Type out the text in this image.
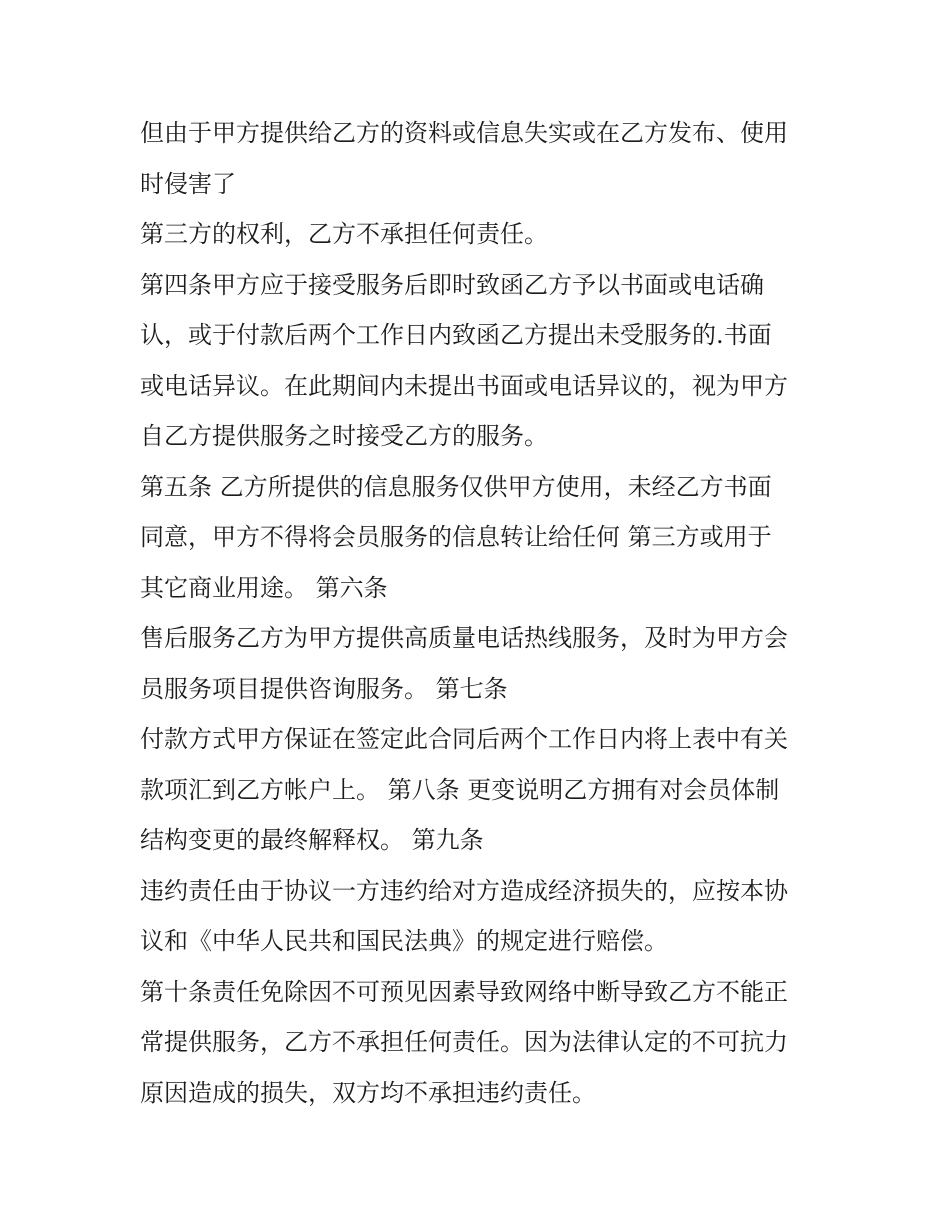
但由于甲方提供给乙方的资料或信息失实或在乙方发布、使用
时侵害了
第三方的权利，乙方不承担任何责任。
第四条甲方应于接受服务后即时致函乙方予以书面或电话确
认，或于付款后两个工作日内致函乙方提出未受服务的.书面
或电话异议。在此期间内未提出书面或电话异议的，视为甲方
自乙方提供服务之时接受乙方的服务。
第五条 乙方所提供的信息服务仅供甲方使用，未经乙方书面
同意，甲方不得将会员服务的信息转让给任何 第三方或用于
其它商业用途。 第六条
售后服务乙方为甲方提供高质量电话热线服务，及时为甲方会
员服务项目提供咨询服务。 第七条
付款方式甲方保证在签定此合同后两个工作日内将上表中有关
款项汇到乙方帐户上。 第八条 更变说明乙方拥有对会员体制
结构变更的最终解释权。 第九条
违约责任由于协议一方违约给对方造成经济损失的，应按本协
议和《中华人民共和国民法典》的规定进行赔偿。
第十条责任免除因不可预见因素导致网络中断导致乙方不能正
常提供服务，乙方不承担任何责任。因为法律认定的不可抗力
原因造成的损失，双方均不承担违约责任。
